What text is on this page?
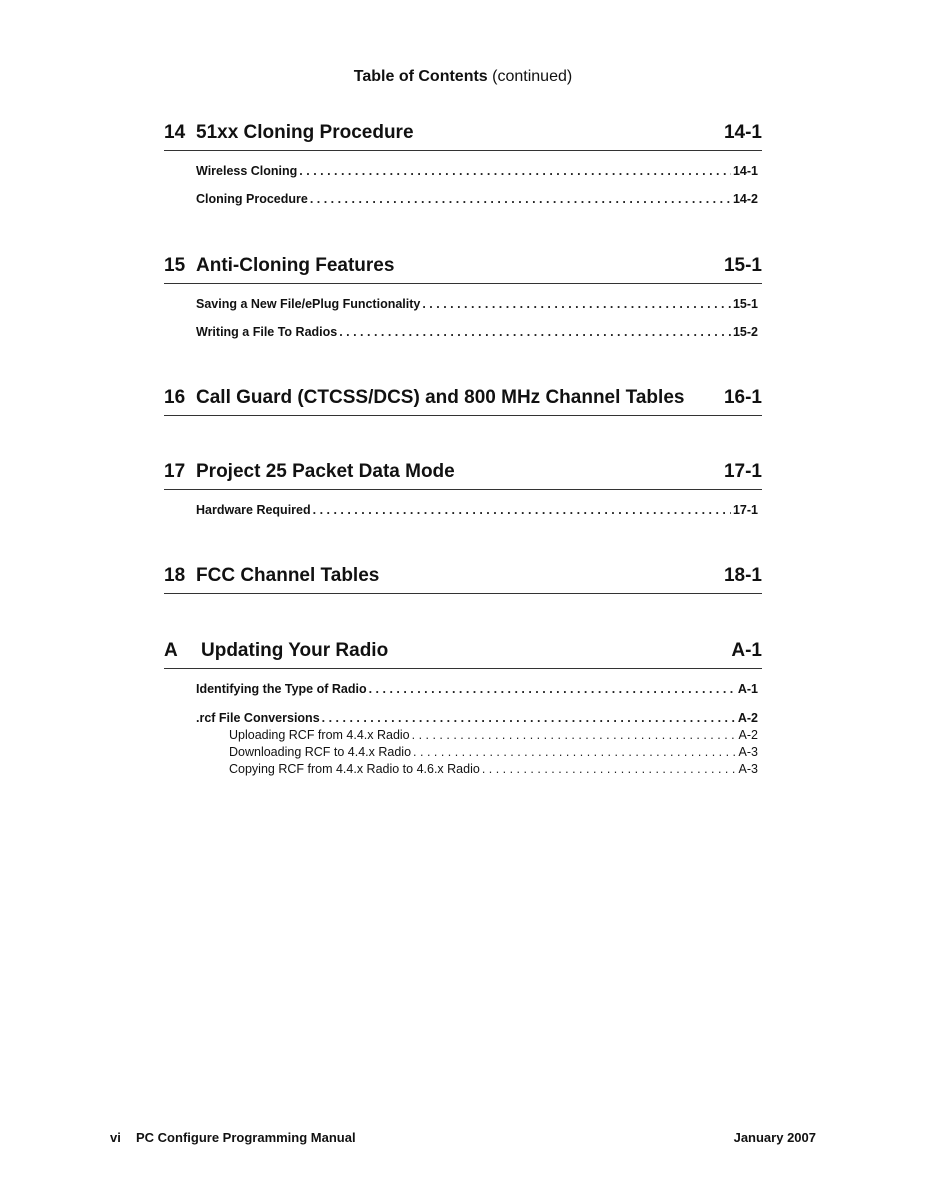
Table of Contents (continued)
14 51xx Cloning Procedure	14-1
Wireless Cloning . . .	14-1
Cloning Procedure . . .	14-2
15 Anti-Cloning Features	15-1
Saving a New File/ePlug Functionality . . .	15-1
Writing a File To Radios . . .	15-2
16 Call Guard (CTCSS/DCS) and 800 MHz Channel Tables	16-1
17 Project 25 Packet Data Mode	17-1
Hardware Required . . .	17-1
18 FCC Channel Tables	18-1
A	Updating Your Radio	A-1
Identifying the Type of Radio . . .	A-1
.rcf File Conversions . . .	A-2
Uploading RCF from 4.4.x Radio . . .	A-2
Downloading RCF to 4.4.x Radio . . .	A-3
Copying RCF from 4.4.x Radio to 4.6.x Radio . . .	A-3
vi	PC Configure Programming Manual	January 2007
